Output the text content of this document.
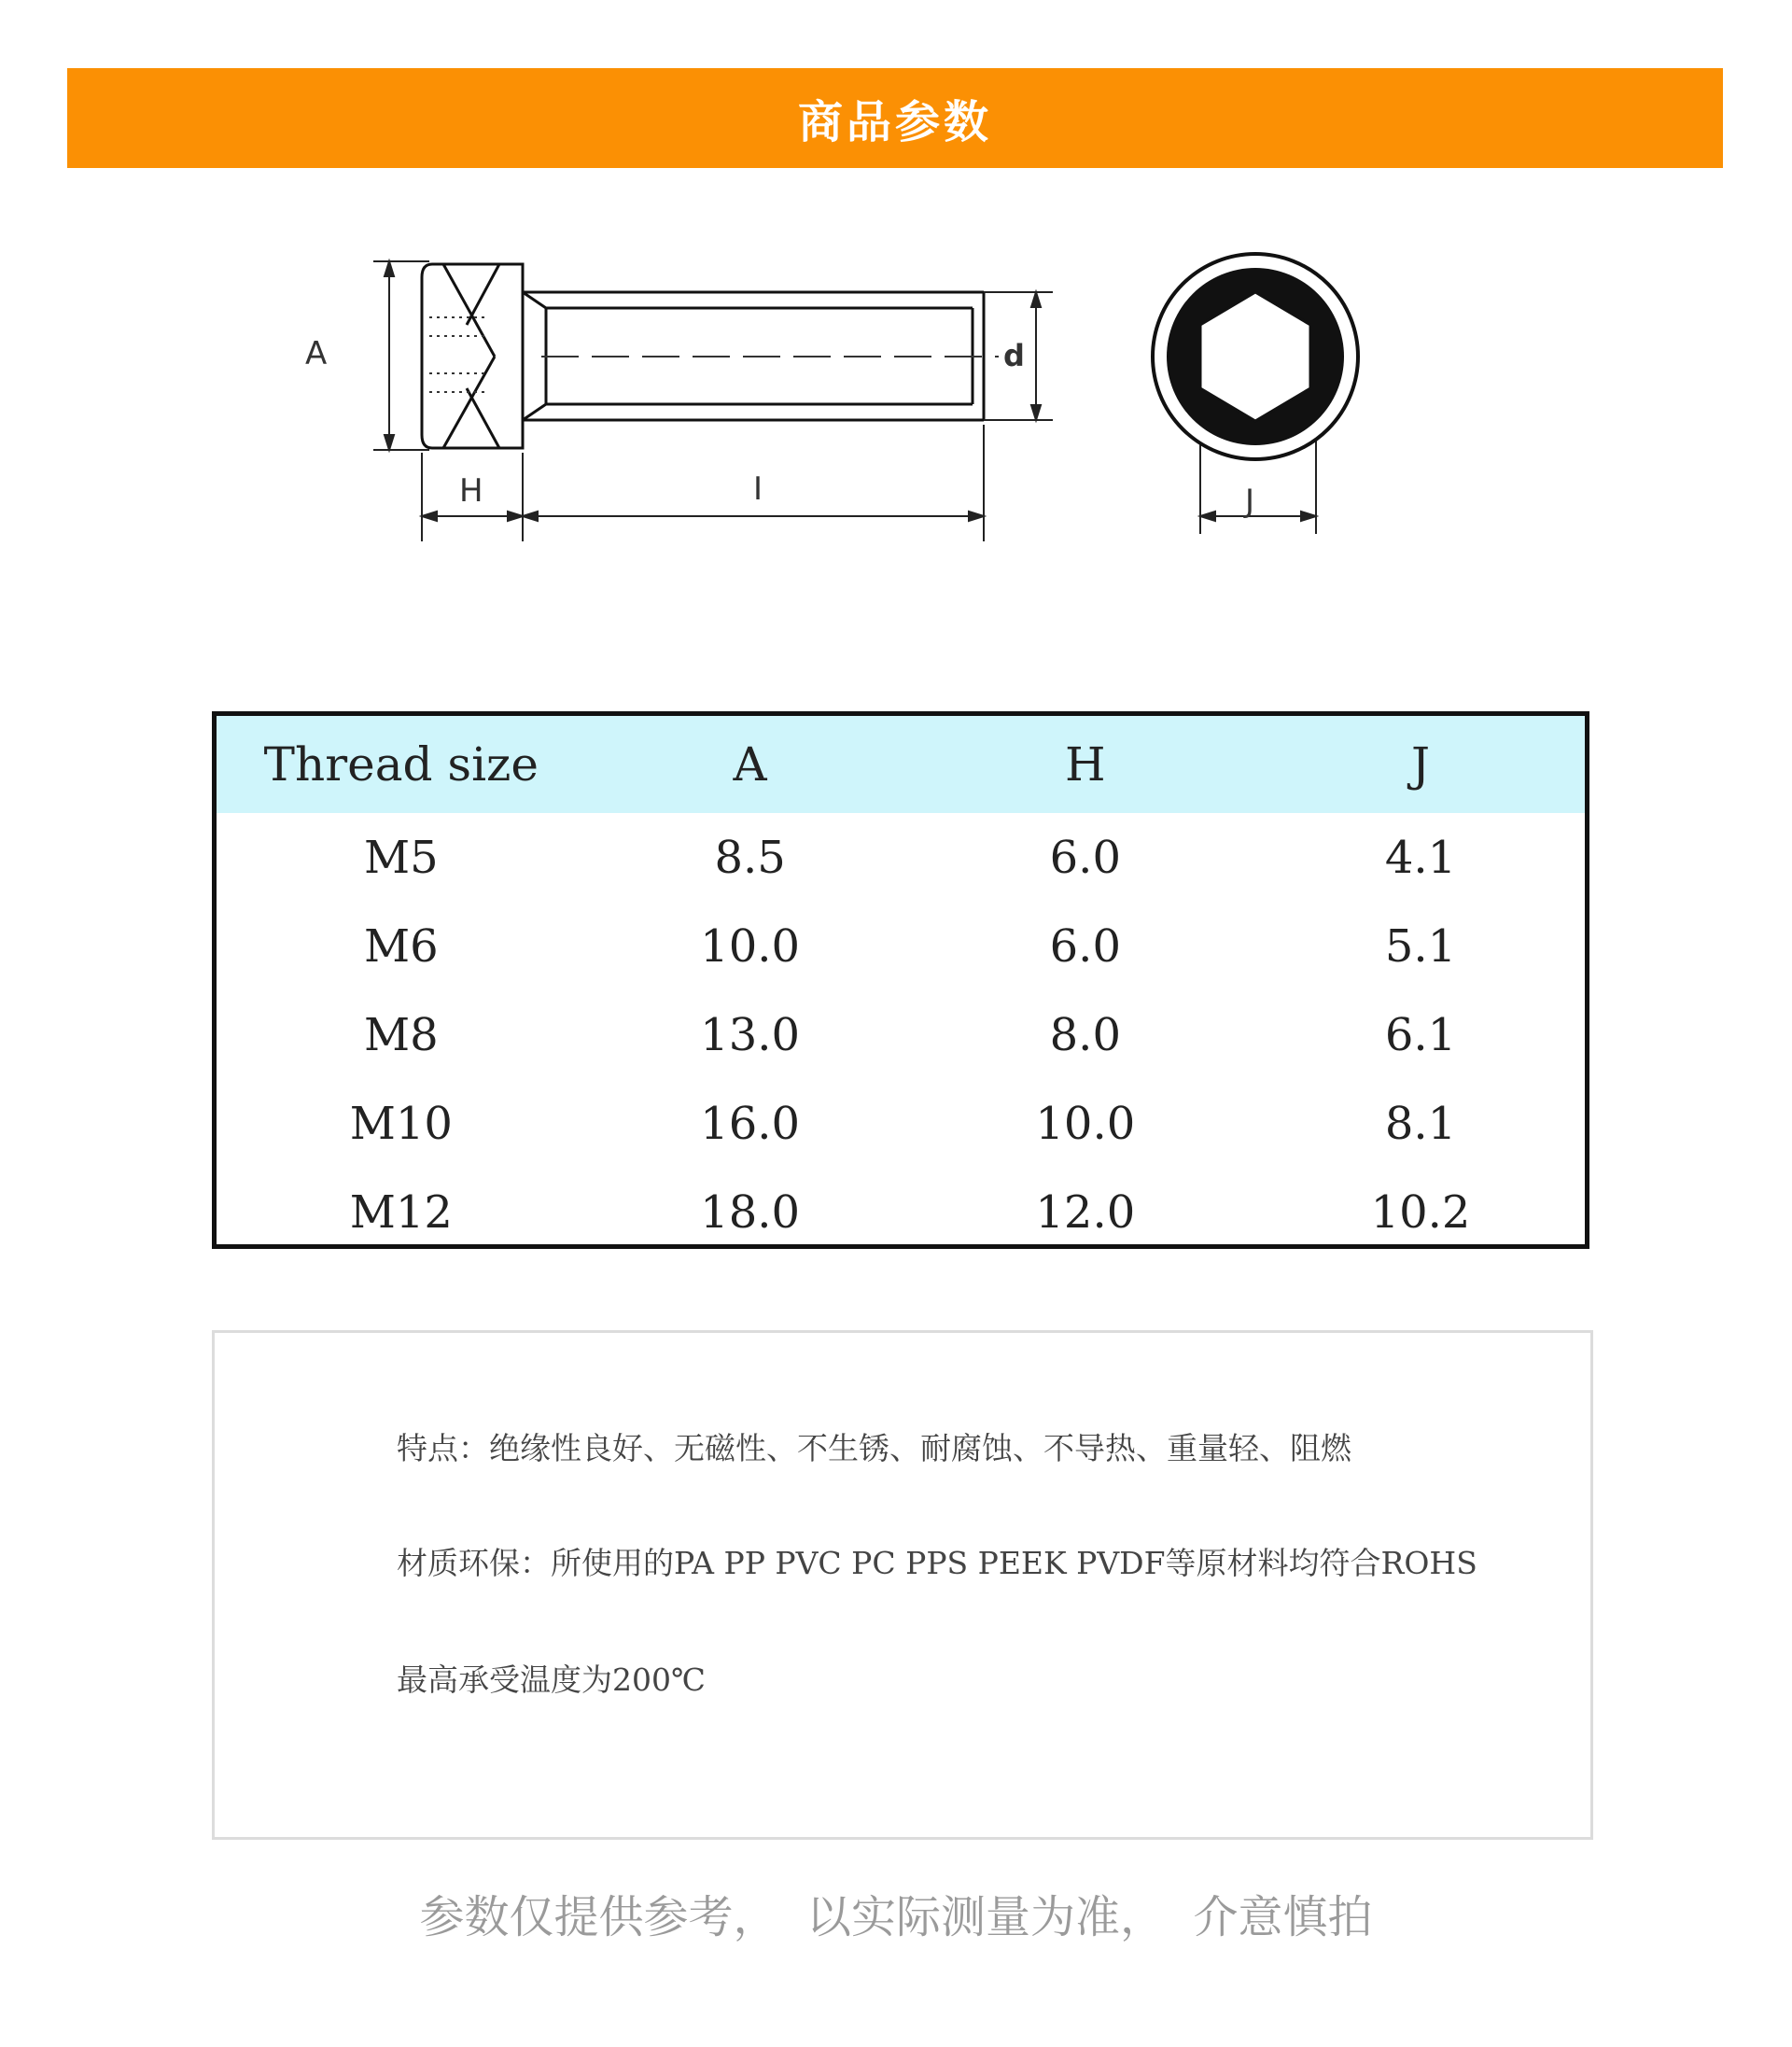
商品参数
A
H	I
d
J
Thread size	A	H	J
M5	8.5	6.0	4.1
M6	10.0	6.0	5.1
M8	13.0	8.0	6.1
M10	16.0	10.0	8.1
M12	18.0	12.0	10.2
特点：绝缘性良好、无磁性、不生锈、耐腐蚀、不导热、重量轻、阻燃
材质环保：所使用的PA PP PVC PC PPS PEEK PVDF等原材料均符合ROHS
最高承受温度为200℃
参数仅提供参考，  以实际测量为准，  介意慎拍
